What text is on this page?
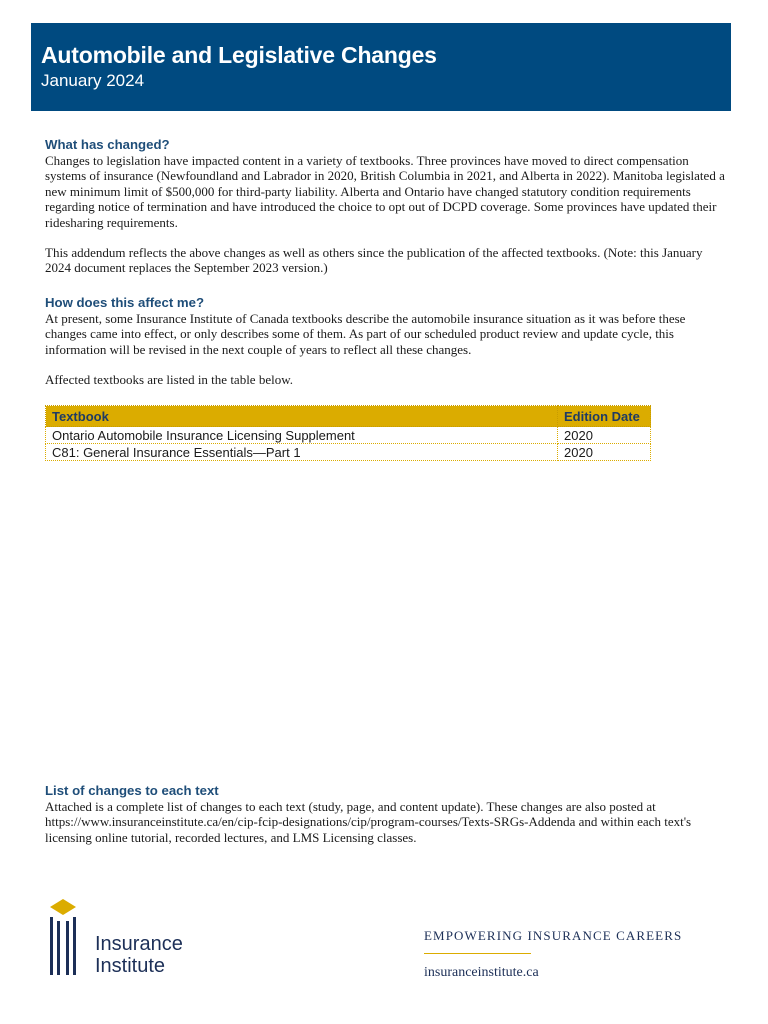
Automobile and Legislative Changes
January 2024
What has changed?

Changes to legislation have impacted content in a variety of textbooks. Three provinces have moved to direct compensation systems of insurance (Newfoundland and Labrador in 2020, British Columbia in 2021, and Alberta in 2022). Manitoba legislated a new minimum limit of $500,000 for third-party liability. Alberta and Ontario have changed statutory condition requirements regarding notice of termination and have introduced the choice to opt out of DCPD coverage. Some provinces have updated their ridesharing requirements.

This addendum reflects the above changes as well as others since the publication of the affected textbooks. (Note: this January 2024 document replaces the September 2023 version.)

How does this affect me?

At present, some Insurance Institute of Canada textbooks describe the automobile insurance situation as it was before these changes came into effect, or only describes some of them. As part of our scheduled product review and update cycle, this information will be revised in the next couple of years to reflect all these changes.

Affected textbooks are listed in the table below.

Textbook	Edition Date
Ontario Automobile Insurance Licensing Supplement	2020
C81: General Insurance Essentials—Part 1	2020
List of changes to each text

Attached is a complete list of changes to each text (study, page, and content update). These changes are also posted at https://www.insuranceinstitute.ca/en/cip-fcip-designations/cip/program-courses/Texts-SRGs-Addenda and within each text's licensing online tutorial, recorded lectures, and LMS Licensing classes.

Insurance
Institute
EMPOWERING INSURANCE CAREERS
insuranceinstitute.ca
